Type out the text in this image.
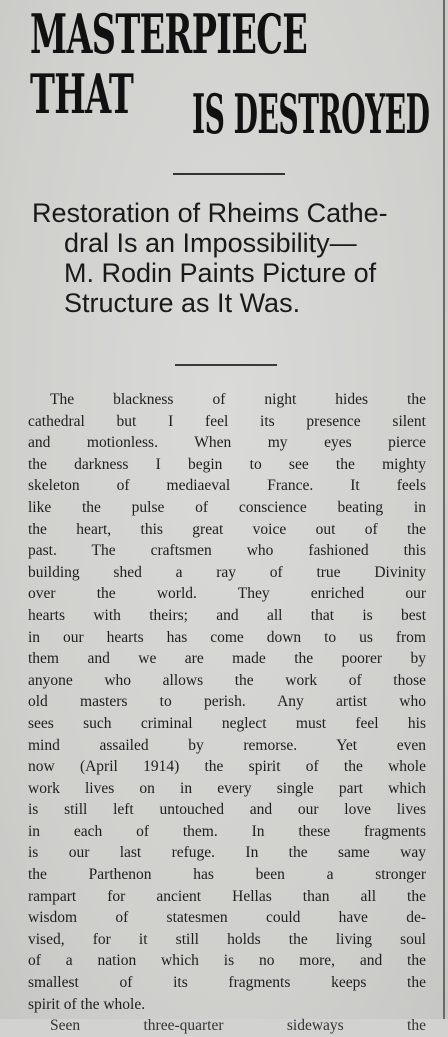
MASTERPIECE THAT	IS DESTROYED
Restoration of Rheims Cathe-
dral Is an Impossibility—
M. Rodin Paints Picture of
Structure as It Was.
The blackness of night hides the
cathedral but I feel its presence silent
and motionless. When my eyes pierce
the darkness I begin to see the mighty
skeleton of mediaeval France. It feels
like the pulse of conscience beating in
the heart, this great voice out of the
past. The craftsmen who fashioned this
building shed a ray of true Divinity
over the world. They enriched our
hearts with theirs; and all that is best
in our hearts has come down to us from
them and we are made the poorer by
anyone who allows the work of those
old masters to perish. Any artist who
sees such criminal neglect must feel his
mind assailed by remorse. Yet even
now (April 1914) the spirit of the whole
work lives on in every single part which
is still left untouched and our love lives
in each of them. In these fragments
is our last refuge. In the same way
the Parthenon has been a stronger
rampart for ancient Hellas than all the
wisdom of statesmen could have de-
vised, for it still holds the living soul
of a nation which is no more, and the
smallest of its fragments keeps the
spirit of the whole.
Seen three-quarter sideways the
